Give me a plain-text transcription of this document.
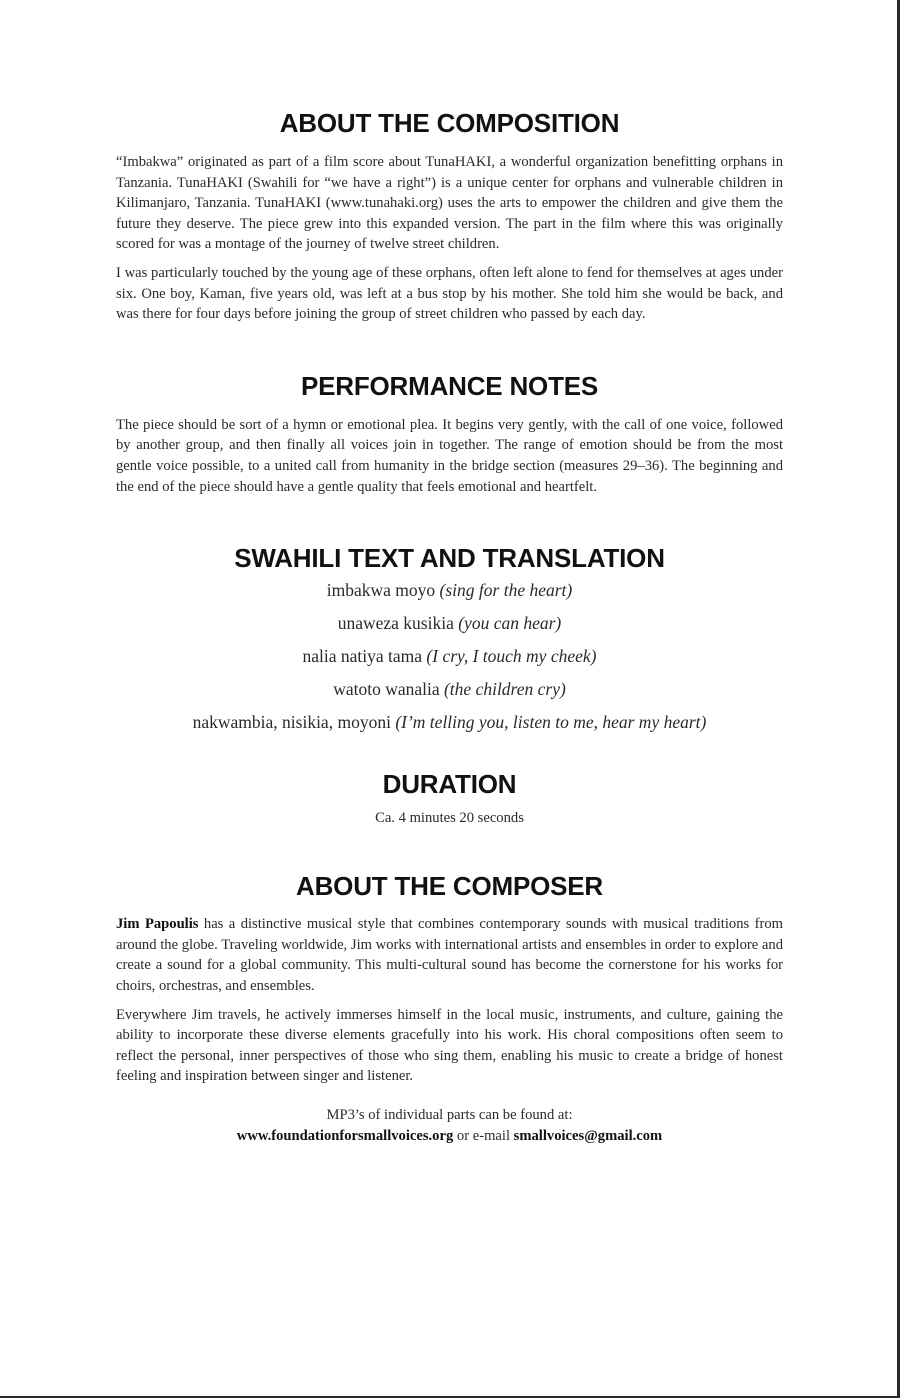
ABOUT THE COMPOSITION

“Imbakwa” originated as part of a film score about TunaHAKI, a wonderful organization benefitting orphans in Tanzania. TunaHAKI (Swahili for “we have a right”) is a unique center for orphans and vulnerable children in Kilimanjaro, Tanzania. TunaHAKI (www.tunahaki.org) uses the arts to empower the children and give them the future they deserve. The piece grew into this expanded version. The part in the film where this was originally scored for was a montage of the journey of twelve street children.

I was particularly touched by the young age of these orphans, often left alone to fend for themselves at ages under six. One boy, Kaman, five years old, was left at a bus stop by his mother. She told him she would be back, and was there for four days before joining the group of street children who passed by each day.

PERFORMANCE NOTES

The piece should be sort of a hymn or emotional plea. It begins very gently, with the call of one voice, followed by another group, and then finally all voices join in together. The range of emotion should be from the most gentle voice possible, to a united call from humanity in the bridge section (measures 29–36). The beginning and the end of the piece should have a gentle quality that feels emotional and heartfelt.

SWAHILI TEXT AND TRANSLATION
imbakwa moyo (sing for the heart)
unaweza kusikia (you can hear)
nalia natiya tama (I cry, I touch my cheek)
watoto wanalia (the children cry)
nakwambia, nisikia, moyoni (I’m telling you, listen to me, hear my heart)
DURATION
Ca. 4 minutes 20 seconds
ABOUT THE COMPOSER

Jim Papoulis has a distinctive musical style that combines contemporary sounds with musical traditions from around the globe. Traveling worldwide, Jim works with international artists and ensembles in order to explore and create a sound for a global community. This multi-cultural sound has become the cornerstone for his works for choirs, orchestras, and ensembles.

Everywhere Jim travels, he actively immerses himself in the local music, instruments, and culture, gaining the ability to incorporate these diverse elements gracefully into his work. His choral compositions often seem to reflect the personal, inner perspectives of those who sing them, enabling his music to create a bridge of honest feeling and inspiration between singer and listener.

MP3’s of individual parts can be found at:
www.foundationforsmallvoices.org or e-mail smallvoices@gmail.com
